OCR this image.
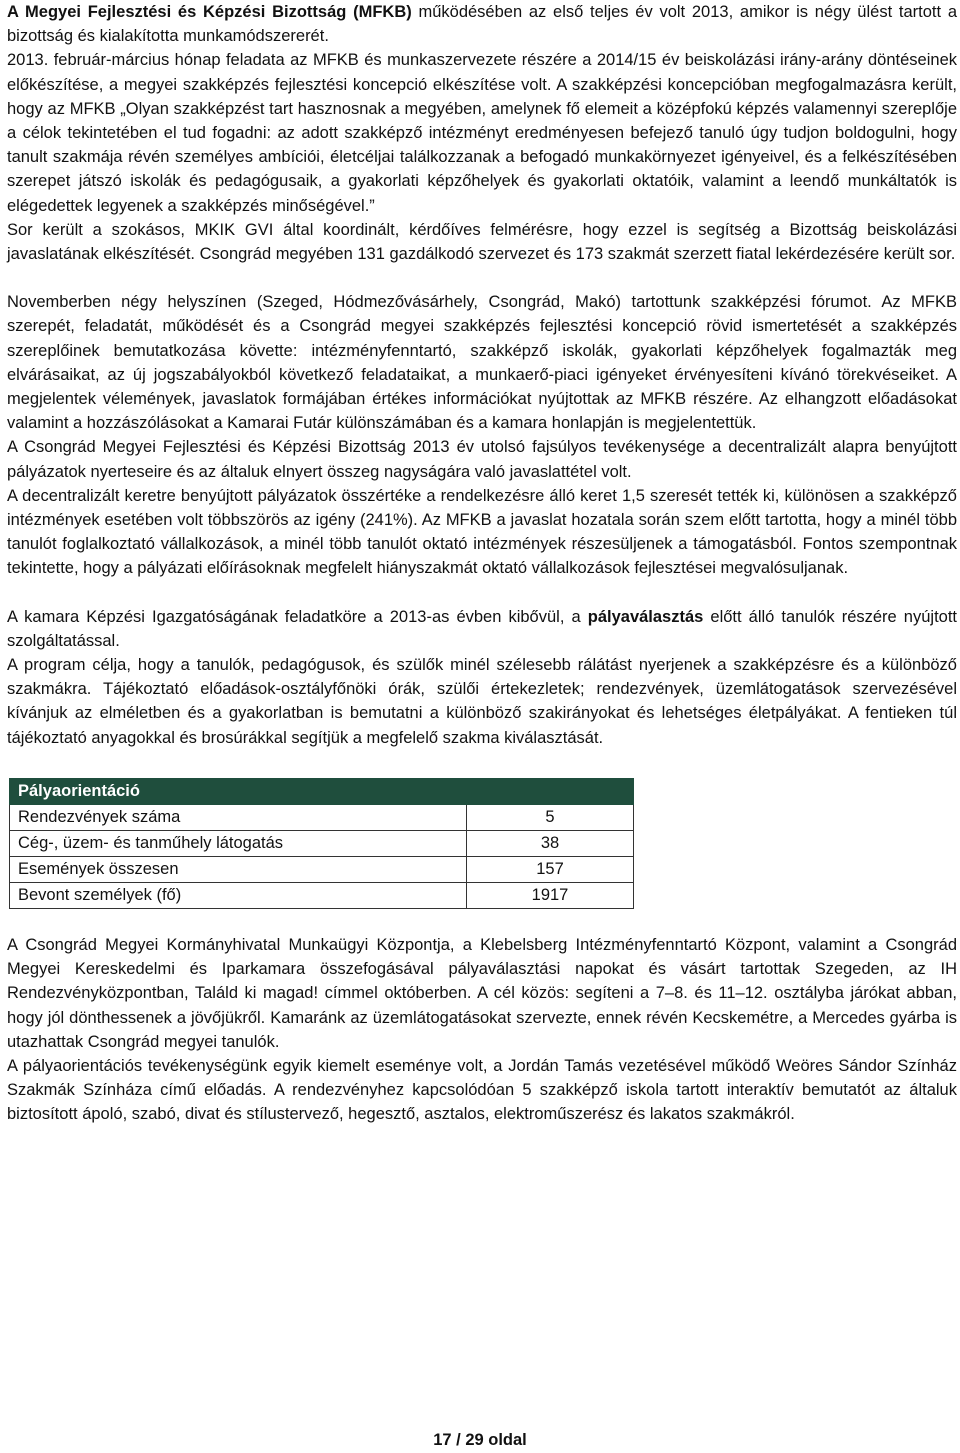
A Megyei Fejlesztési és Képzési Bizottság (MFKB) működésében az első teljes év volt 2013, amikor is négy ülést tartott a bizottság és kialakította munkamódszererét.

2013. február-március hónap feladata az MFKB és munkaszervezete részére a 2014/15 év beiskolázási irány-arány döntéseinek előkészítése, a megyei szakképzés fejlesztési koncepció elkészítése volt. A szakképzési koncepcióban megfogalmazásra került, hogy az MFKB „Olyan szakképzést tart hasznosnak a megyében, amelynek fő elemeit a középfokú képzés valamennyi szereplője a célok tekintetében el tud fogadni: az adott szakképző intézményt eredményesen befejező tanuló úgy tudjon boldogulni, hogy tanult szakmája révén személyes ambíciói, életcéljai találkozzanak a befogadó munkakörnyezet igényeivel, és a felkészítésében szerepet játszó iskolák és pedagógusaik, a gyakorlati képzőhelyek és gyakorlati oktatóik, valamint a leendő munkáltatók is elégedettek legyenek a szakképzés minőségével.”

Sor került a szokásos, MKIK GVI által koordinált, kérdőíves felmérésre, hogy ezzel is segítség a Bizottság beiskolázási javaslatának elkészítését. Csongrád megyében 131 gazdálkodó szervezet és 173 szakmát szerzett fiatal lekérdezésére került sor.

Novemberben négy helyszínen (Szeged, Hódmezővásárhely, Csongrád, Makó) tartottunk szakképzési fórumot. Az MFKB szerepét, feladatát, működését és a Csongrád megyei szakképzés fejlesztési koncepció rövid ismertetését a szakképzés szereplőinek bemutatkozása követte: intézményfenntartó, szakképző iskolák, gyakorlati képzőhelyek fogalmazták meg elvárásaikat, az új jogszabályokból következő feladataikat, a munkaerő-piaci igényeket érvényesíteni kívánó törekvéseiket. A megjelentek vélemények, javaslatok formájában értékes információkat nyújtottak az MFKB részére. Az elhangzott előadásokat valamint a hozzászólásokat a Kamarai Futár különszámában és a kamara honlapján is megjelentettük.

A Csongrád Megyei Fejlesztési és Képzési Bizottság 2013 év utolsó fajsúlyos tevékenysége a decentralizált alapra benyújtott pályázatok nyerteseire és az általuk elnyert összeg nagyságára való javaslattétel volt.

A decentralizált keretre benyújtott pályázatok összértéke a rendelkezésre álló keret 1,5 szeresét tették ki, különösen a szakképző intézmények esetében volt többszörös az igény (241%). Az MFKB a javaslat hozatala során szem előtt tartotta, hogy a minél több tanulót foglalkoztató vállalkozások, a minél több tanulót oktató intézmények részesüljenek a támogatásból. Fontos szempontnak tekintette, hogy a pályázati előírásoknak megfelelt hiányszakmát oktató vállalkozások fejlesztései megvalósuljanak.

A kamara Képzési Igazgatóságának feladatköre a 2013-as évben kibővül, a pályaválasztás előtt álló tanulók részére nyújtott szolgáltatással.

A program célja, hogy a tanulók, pedagógusok, és szülők minél szélesebb rálátást nyerjenek a szakképzésre és a különböző szakmákra. Tájékoztató előadások-osztályfőnöki órák, szülői értekezletek; rendezvények, üzemlátogatások szervezésével kívánjuk az elméletben és a gyakorlatban is bemutatni a különböző szakirányokat és lehetséges életpályákat. A fentieken túl tájékoztató anyagokkal és brosúrákkal segítjük a megfelelő szakma kiválasztását.

Pályaorientáció	
Rendezvények száma	5
Cég-, üzem- és tanműhely látogatás	38
Események összesen	157
Bevont személyek (fő)	1917

A Csongrád Megyei Kormányhivatal Munkaügyi Központja, a Klebelsberg Intézményfenntartó Központ, valamint a Csongrád Megyei Kereskedelmi és Iparkamara összefogásával pályaválasztási napokat és vásárt tartottak Szegeden, az IH Rendezvényközpontban, Találd ki magad! címmel októberben. A cél közös: segíteni a 7–8. és 11–12. osztályba járókat abban, hogy jól dönthessenek a jövőjükről. Kamaránk az üzemlátogatásokat szervezte, ennek révén Kecskemétre, a Mercedes gyárba is utazhattak Csongrád megyei tanulók.

A pályaorientációs tevékenységünk egyik kiemelt eseménye volt, a Jordán Tamás vezetésével működő Weöres Sándor Színház Szakmák Színháza című előadás. A rendezvényhez kapcsolódóan 5 szakképző iskola tartott interaktív bemutatót az általuk biztosított ápoló, szabó, divat és stílustervező, hegesztő, asztalos, elektroműszerész és lakatos szakmákról.

17 / 29 oldal
